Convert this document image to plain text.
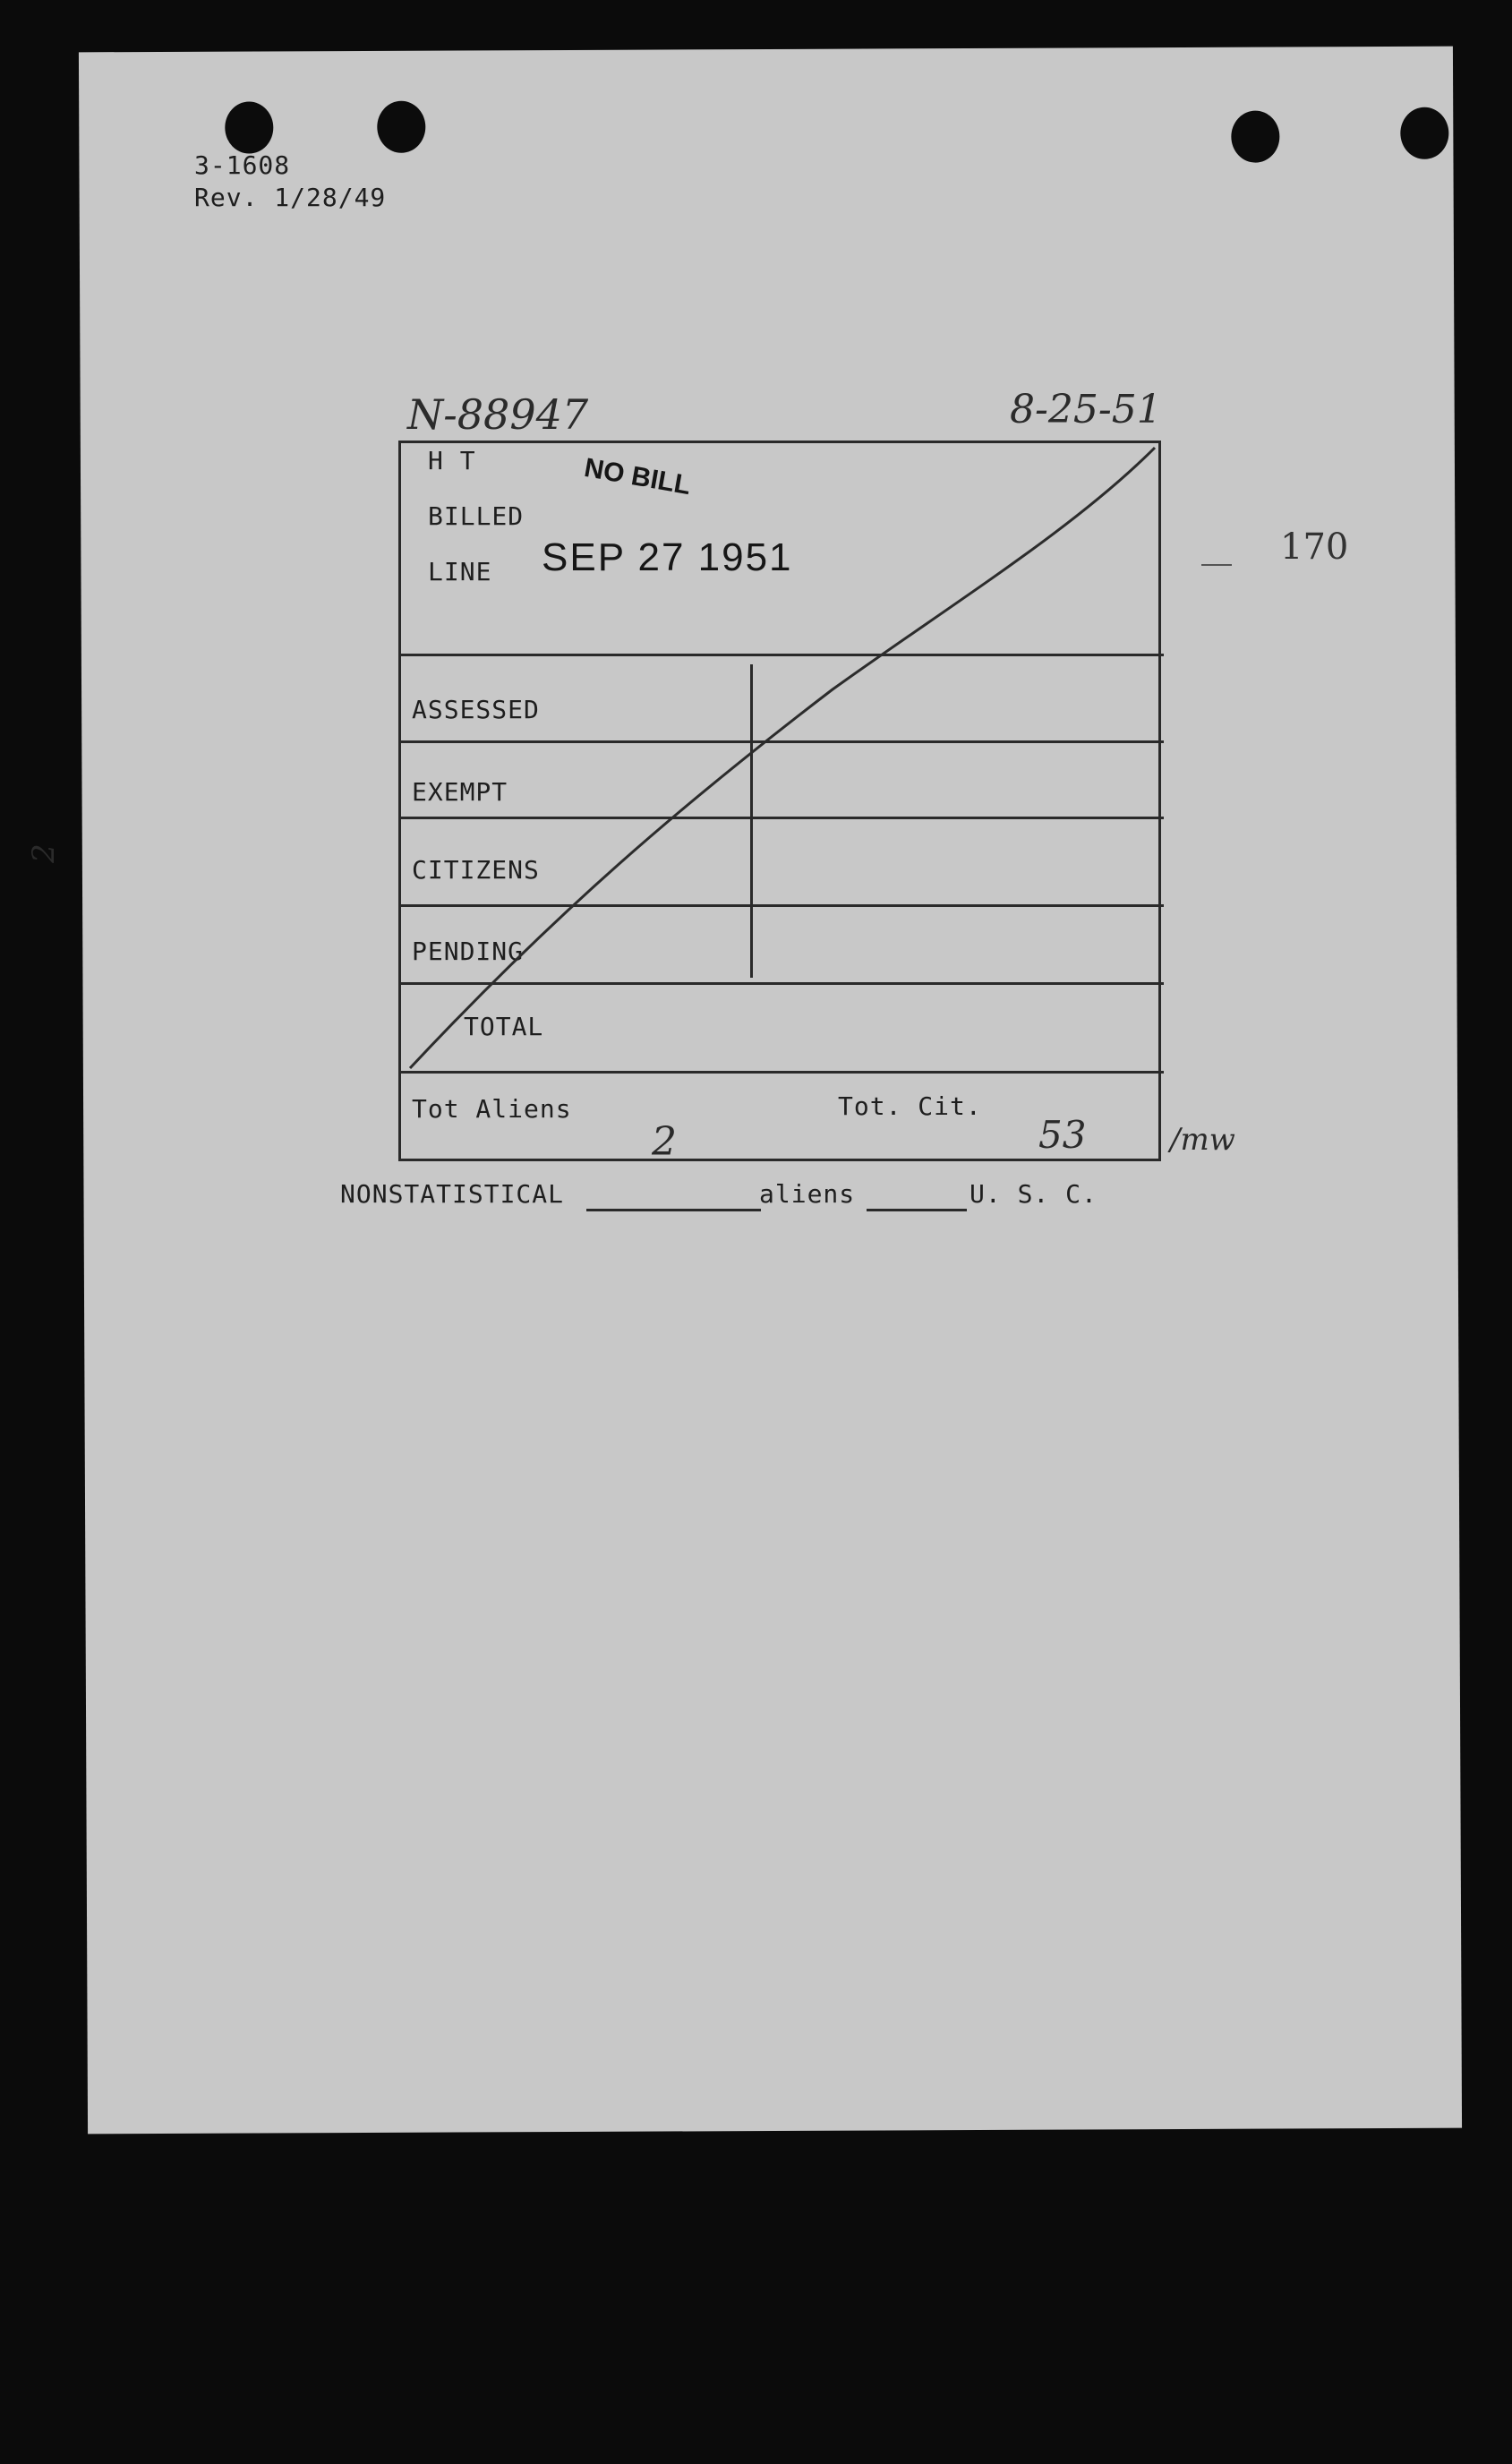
3-1608
Rev. 1/28/49
N-88947	8-25-51
2
170
H T
BILLED
LINE
NO BILL
SEP 27 1951
ASSESSED
EXEMPT
CITIZENS
PENDING
TOTAL
Tot Aliens	Tot. Cit.
2	53	/mw
NONSTATISTICAL	aliens	U. S. C.
